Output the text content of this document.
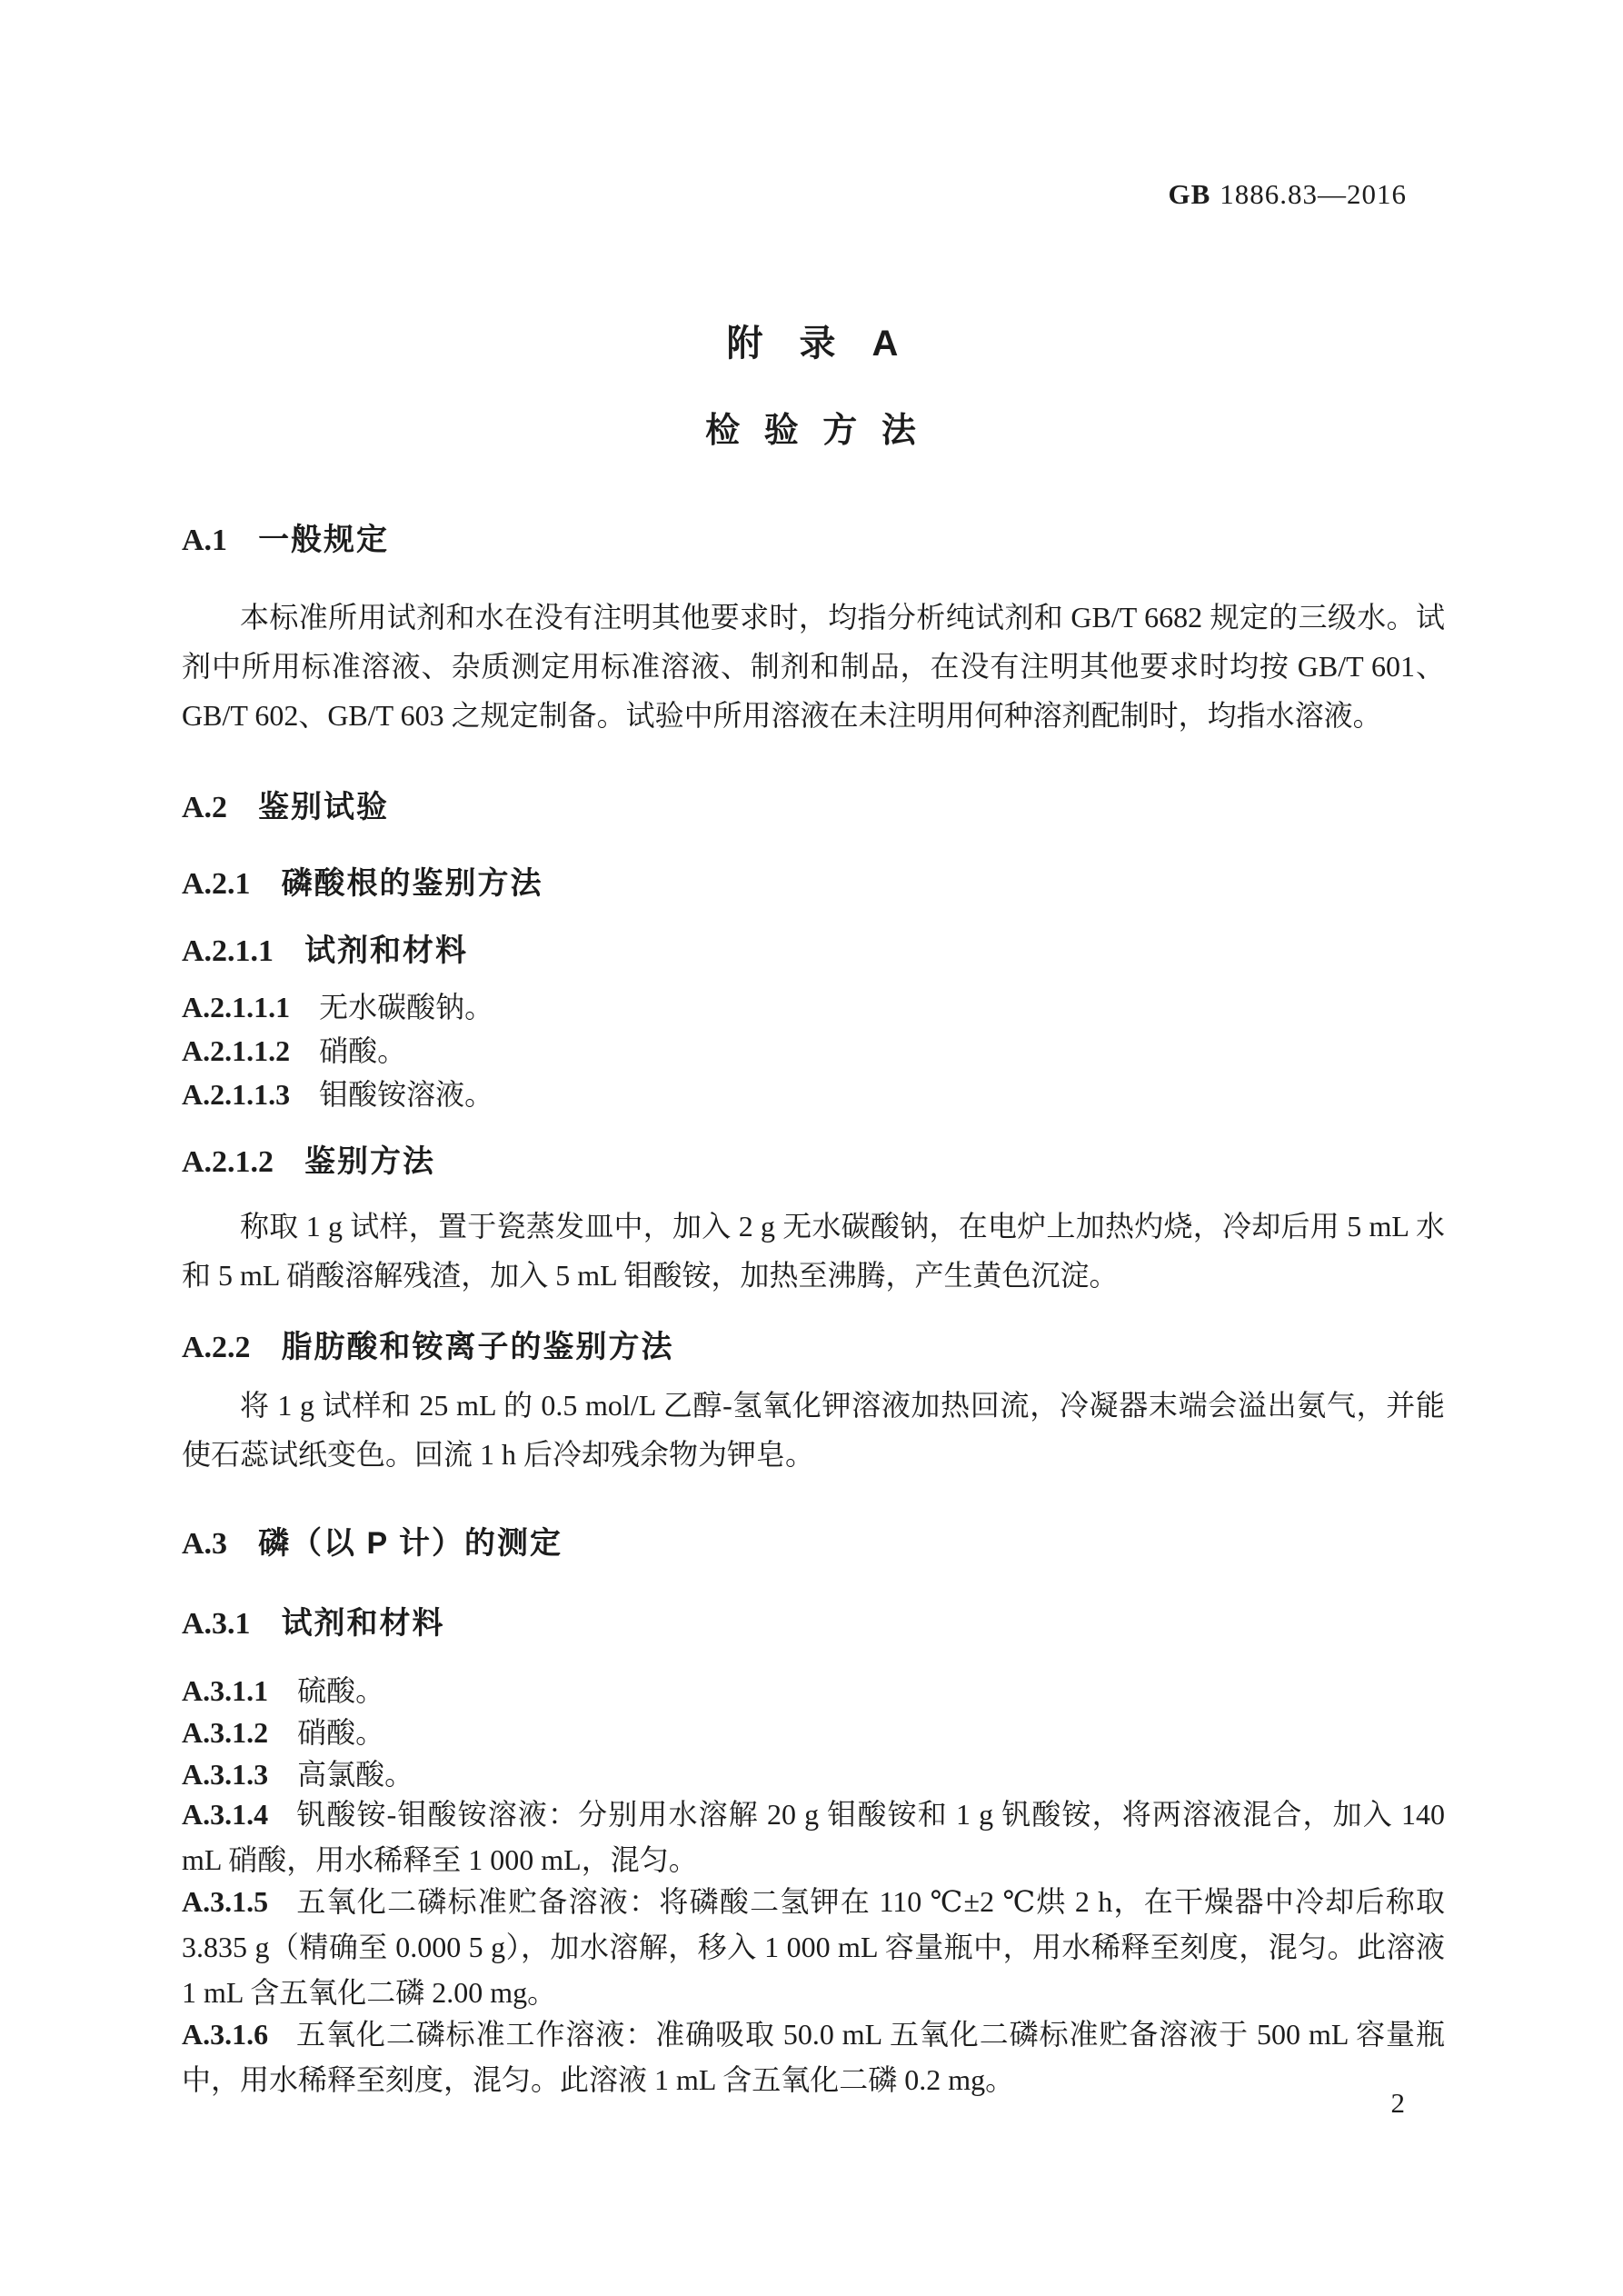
GB 1886.83—2016
附　录　A
检 验 方 法
A.1 一般规定
本标准所用试剂和水在没有注明其他要求时，均指分析纯试剂和 GB/T 6682 规定的三级水。试剂中所用标准溶液、杂质测定用标准溶液、制剂和制品，在没有注明其他要求时均按 GB/T 601、GB/T 602、GB/T 603 之规定制备。试验中所用溶液在未注明用何种溶剂配制时，均指水溶液。
A.2 鉴别试验
A.2.1 磷酸根的鉴别方法
A.2.1.1 试剂和材料
A.2.1.1.1 无水碳酸钠。
A.2.1.1.2 硝酸。
A.2.1.1.3 钼酸铵溶液。
A.2.1.2 鉴别方法
称取 1 g 试样，置于瓷蒸发皿中，加入 2 g 无水碳酸钠，在电炉上加热灼烧，冷却后用 5 mL 水和 5 mL 硝酸溶解残渣，加入 5 mL 钼酸铵，加热至沸腾，产生黄色沉淀。
A.2.2 脂肪酸和铵离子的鉴别方法
将 1 g 试样和 25 mL 的 0.5 mol/L 乙醇-氢氧化钾溶液加热回流，冷凝器末端会溢出氨气，并能使石蕊试纸变色。回流 1 h 后冷却残余物为钾皂。
A.3 磷（以 P 计）的测定
A.3.1 试剂和材料
A.3.1.1 硫酸。
A.3.1.2 硝酸。
A.3.1.3 高氯酸。
A.3.1.4 钒酸铵-钼酸铵溶液：分别用水溶解 20 g 钼酸铵和 1 g 钒酸铵，将两溶液混合，加入 140 mL 硝酸，用水稀释至 1 000 mL，混匀。
A.3.1.5 五氧化二磷标准贮备溶液：将磷酸二氢钾在 110 ℃±2 ℃烘 2 h，在干燥器中冷却后称取 3.835 g（精确至 0.000 5 g），加水溶解，移入 1 000 mL 容量瓶中，用水稀释至刻度，混匀。此溶液 1 mL 含五氧化二磷 2.00 mg。
A.3.1.6 五氧化二磷标准工作溶液：准确吸取 50.0 mL 五氧化二磷标准贮备溶液于 500 mL 容量瓶中，用水稀释至刻度，混匀。此溶液 1 mL 含五氧化二磷 0.2 mg。
2
